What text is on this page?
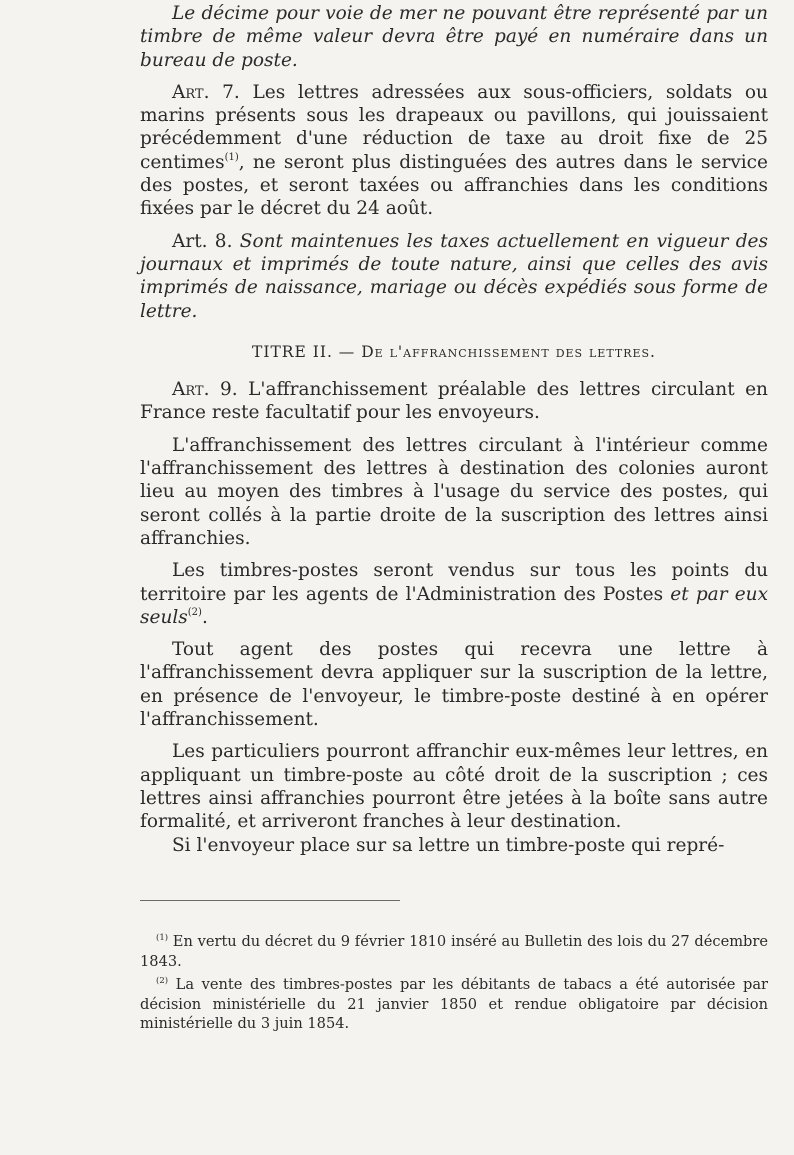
Le décime pour voie de mer ne pouvant être représenté par un timbre de même valeur devra être payé en numéraire dans un bureau de poste.

Art. 7. Les lettres adressées aux sous-officiers, soldats ou marins présents sous les drapeaux ou pavillons, qui jouissaient précédemment d'une réduction de taxe au droit fixe de 25 centimes$^{(1)}$, ne seront plus distinguées des autres dans le service des postes, et seront taxées ou affranchies dans les conditions fixées par le décret du 24 août.

Art. 8. Sont maintenues les taxes actuellement en vigueur des journaux et imprimés de toute nature, ainsi que celles des avis imprimés de naissance, mariage ou décès expédiés sous forme de lettre.

TITRE II. — De l'affranchissement des lettres.

Art. 9. L'affranchissement préalable des lettres circulant en France reste facultatif pour les envoyeurs.

L'affranchissement des lettres circulant à l'intérieur comme l'affranchissement des lettres à destination des colonies auront lieu au moyen des timbres à l'usage du service des postes, qui seront collés à la partie droite de la suscription des lettres ainsi affranchies.

Les timbres-postes seront vendus sur tous les points du territoire par les agents de l'Administration des Postes et par eux seuls$^{(2)}$.

Tout agent des postes qui recevra une lettre à l'affranchissement devra appliquer sur la suscription de la lettre, en présence de l'envoyeur, le timbre-poste destiné à en opérer l'affranchissement.

Les particuliers pourront affranchir eux-mêmes leur lettres, en appliquant un timbre-poste au côté droit de la suscription ; ces lettres ainsi affranchies pourront être jetées à la boîte sans autre formalité, et arriveront franches à leur destination.

Si l'envoyeur place sur sa lettre un timbre-poste qui repré-

$^{(1)}$ En vertu du décret du 9 février 1810 inséré au Bulletin des lois du 27 décembre 1843.

$^{(2)}$ La vente des timbres-postes par les débitants de tabacs a été autorisée par décision ministérielle du 21 janvier 1850 et rendue obligatoire par décision ministérielle du 3 juin 1854.
